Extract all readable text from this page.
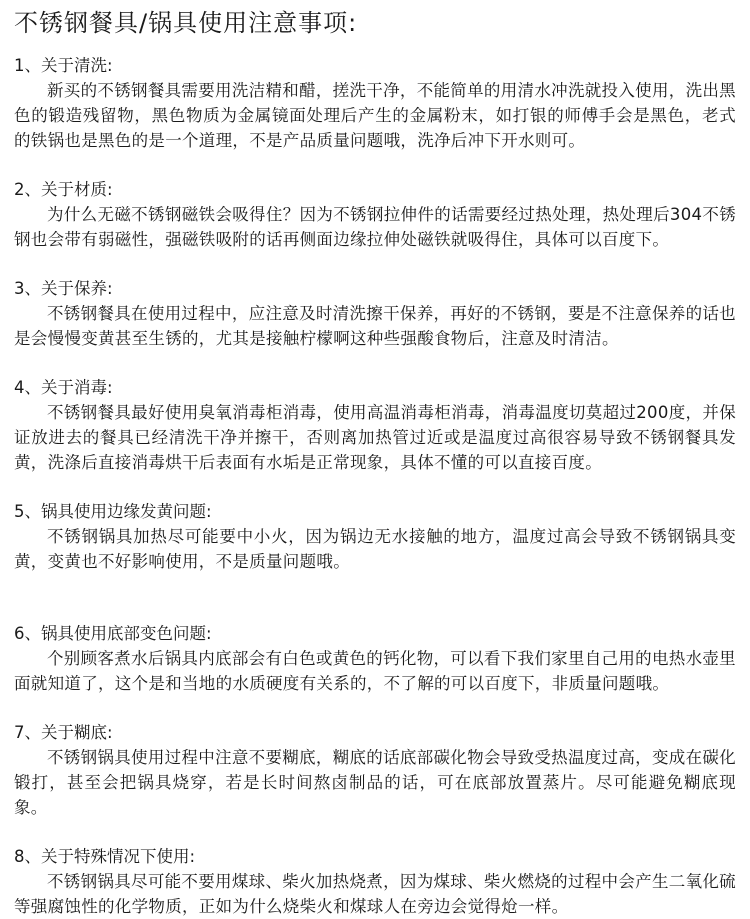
不锈钢餐具/锅具使用注意事项:

1、关于清洗:

新买的不锈钢餐具需要用洗洁精和醋，搓洗干净，不能简单的用清水冲洗就投入使用，洗出黑色的锻造残留物，黑色物质为金属镜面处理后产生的金属粉末，如打银的师傅手会是黑色，老式的铁锅也是黑色的是一个道理，不是产品质量问题哦，洗净后冲下开水则可。

2、关于材质:

为什么无磁不锈钢磁铁会吸得住？因为不锈钢拉伸件的话需要经过热处理，热处理后304不锈钢也会带有弱磁性，强磁铁吸附的话再侧面边缘拉伸处磁铁就吸得住，具体可以百度下。

3、关于保养:

不锈钢餐具在使用过程中，应注意及时清洗擦干保养，再好的不锈钢，要是不注意保养的话也是会慢慢变黄甚至生锈的，尤其是接触柠檬啊这种些强酸食物后，注意及时清洁。

4、关于消毒:

不锈钢餐具最好使用臭氧消毒柜消毒，使用高温消毒柜消毒，消毒温度切莫超过200度，并保证放进去的餐具已经清洗干净并擦干，否则离加热管过近或是温度过高很容易导致不锈钢餐具发黄，洗涤后直接消毒烘干后表面有水垢是正常现象，具体不懂的可以直接百度。

5、锅具使用边缘发黄问题:

不锈钢锅具加热尽可能要中小火，因为锅边无水接触的地方，温度过高会导致不锈钢锅具变黄，变黄也不好影响使用，不是质量问题哦。

6、锅具使用底部变色问题:

个别顾客煮水后锅具内底部会有白色或黄色的钙化物，可以看下我们家里自己用的电热水壶里面就知道了，这个是和当地的水质硬度有关系的，不了解的可以百度下，非质量问题哦。

7、关于糊底:

不锈钢锅具使用过程中注意不要糊底，糊底的话底部碳化物会导致受热温度过高，变成在碳化锻打，甚至会把锅具烧穿，若是长时间熬卤制品的话，可在底部放置蒸片。尽可能避免糊底现象。

8、关于特殊情况下使用:

不锈钢锅具尽可能不要用煤球、柴火加热烧煮，因为煤球、柴火燃烧的过程中会产生二氧化硫等强腐蚀性的化学物质，正如为什么烧柴火和煤球人在旁边会觉得炝一样。
